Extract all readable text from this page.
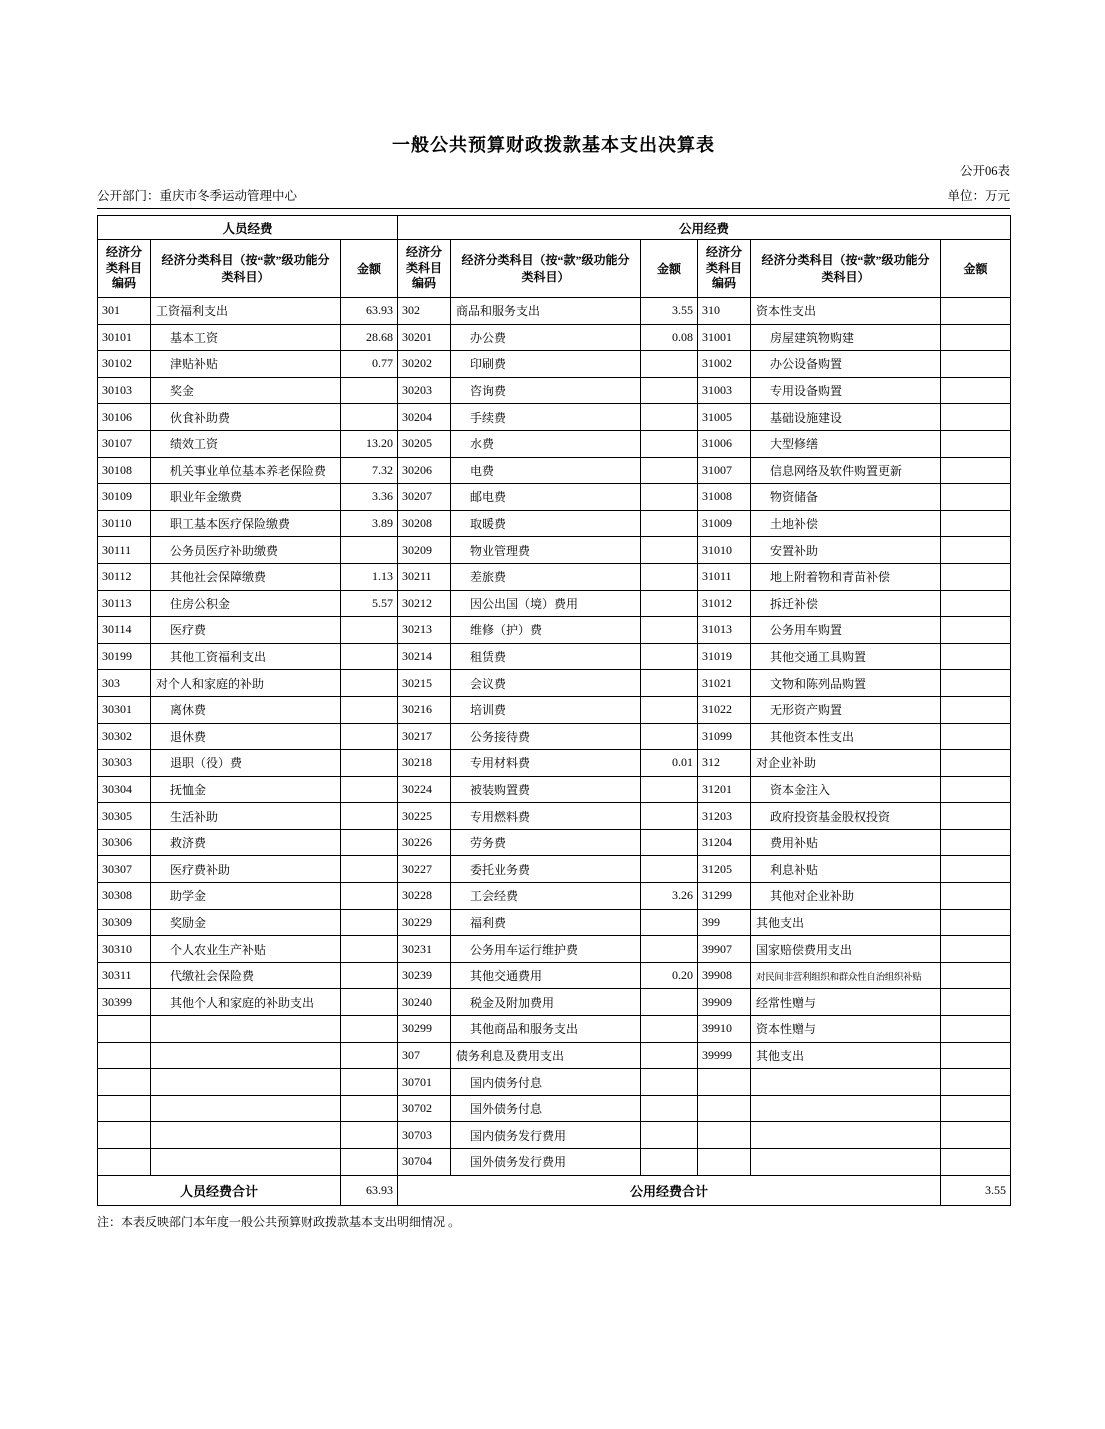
一般公共预算财政拨款基本支出决算表
公开06表
公开部门：重庆市冬季运动管理中心	单位：万元
人员经费			公用经费					
经济分类科目编码	经济分类科目（按“款”级功能分类科目）	金额	经济分类科目编码	经济分类科目（按“款”级功能分类科目）	金额	经济分类科目编码	经济分类科目（按“款”级功能分类科目）	金额
301	工资福利支出	63.93	302	商品和服务支出	3.55	310	资本性支出	
30101	基本工资	28.68	30201	办公费	0.08	31001	房屋建筑物购建	
30102	津贴补贴	0.77	30202	印刷费		31002	办公设备购置	
30103	奖金		30203	咨询费		31003	专用设备购置	
30106	伙食补助费		30204	手续费		31005	基础设施建设	
30107	绩效工资	13.20	30205	水费		31006	大型修缮	
30108	机关事业单位基本养老保险费	7.32	30206	电费		31007	信息网络及软件购置更新	
30109	职业年金缴费	3.36	30207	邮电费		31008	物资储备	
30110	职工基本医疗保险缴费	3.89	30208	取暖费		31009	土地补偿	
30111	公务员医疗补助缴费		30209	物业管理费		31010	安置补助	
30112	其他社会保障缴费	1.13	30211	差旅费		31011	地上附着物和青苗补偿	
30113	住房公积金	5.57	30212	因公出国（境）费用		31012	拆迁补偿	
30114	医疗费		30213	维修（护）费		31013	公务用车购置	
30199	其他工资福利支出		30214	租赁费		31019	其他交通工具购置	
303	对个人和家庭的补助		30215	会议费		31021	文物和陈列品购置	
30301	离休费		30216	培训费		31022	无形资产购置	
30302	退休费		30217	公务接待费		31099	其他资本性支出	
30303	退职（役）费		30218	专用材料费	0.01	312	对企业补助	
30304	抚恤金		30224	被装购置费		31201	资本金注入	
30305	生活补助		30225	专用燃料费		31203	政府投资基金股权投资	
30306	救济费		30226	劳务费		31204	费用补贴	
30307	医疗费补助		30227	委托业务费		31205	利息补贴	
30308	助学金		30228	工会经费	3.26	31299	其他对企业补助	
30309	奖励金		30229	福利费		399	其他支出	
30310	个人农业生产补贴		30231	公务用车运行维护费		39907	国家赔偿费用支出	
30311	代缴社会保险费		30239	其他交通费用	0.20	39908	对民间非营利组织和群众性自治组织补贴	
30399	其他个人和家庭的补助支出		30240	税金及附加费用		39909	经常性赠与	
			30299	其他商品和服务支出		39910	资本性赠与	
			307	债务利息及费用支出		39999	其他支出	
			30701	国内债务付息				
			30702	国外债务付息				
			30703	国内债务发行费用				
			30704	国外债务发行费用				
人员经费合计		63.93	公用经费合计					3.55
注：本表反映部门本年度一般公共预算财政拨款基本支出明细情况 。
